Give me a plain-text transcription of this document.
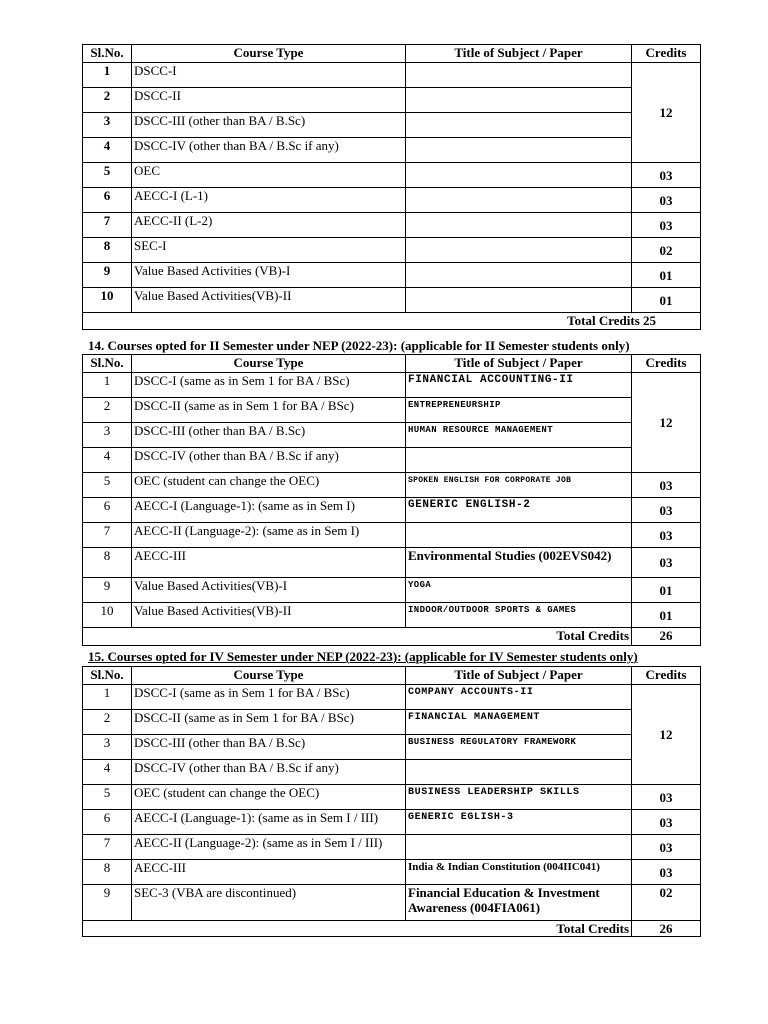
Sl.No.	Course Type	Title of Subject / Paper	Credits
1	DSCC-I		12
2	DSCC-II		
3	DSCC-III (other than BA / B.Sc)		
4	DSCC-IV (other than BA / B.Sc if any)		
5	OEC		03
6	AECC-I (L-1)		03
7	AECC-II (L-2)		03
8	SEC-I		02
9	Value Based Activities (VB)-I		01
10	Value Based Activities(VB)-II		01
Total Credits 25			
14. Courses opted for II Semester under NEP (2022-23): (applicable for II Semester students only)
Sl.No.	Course Type	Title of Subject / Paper	Credits
1	DSCC-I (same as in Sem 1 for BA / BSc)	FINANCIAL ACCOUNTING-II	12
2	DSCC-II (same as in Sem 1 for BA / BSc)	ENTREPRENEURSHIP	
3	DSCC-III (other than BA / B.Sc)	HUMAN RESOURCE MANAGEMENT	
4	DSCC-IV (other than BA / B.Sc if any)		
5	OEC (student can change the OEC)	SPOKEN ENGLISH FOR CORPORATE JOB	03
6	AECC-I (Language-1): (same as in Sem I)	GENERIC ENGLISH-2	03
7	AECC-II (Language-2): (same as in Sem I)		03
8	AECC-III	Environmental Studies (002EVS042)	03
9	Value Based Activities(VB)-I	YOGA	01
10	Value Based Activities(VB)-II	INDOOR/OUTDOOR SPORTS & GAMES	01
Total Credits			26
15. Courses opted for IV Semester under NEP (2022-23): (applicable for IV Semester students only)
Sl.No.	Course Type	Title of Subject / Paper	Credits
1	DSCC-I (same as in Sem 1 for BA / BSc)	COMPANY ACCOUNTS-II	12
2	DSCC-II (same as in Sem 1 for BA / BSc)	FINANCIAL MANAGEMENT	
3	DSCC-III (other than BA / B.Sc)	BUSINESS REGULATORY FRAMEWORK	
4	DSCC-IV (other than BA / B.Sc if any)		
5	OEC (student can change the OEC)	BUSINESS LEADERSHIP SKILLS	03
6	AECC-I (Language-1): (same as in Sem I / III)	GENERIC EGLISH-3	03
7	AECC-II (Language-2): (same as in Sem I / III)		03
8	AECC-III	India & Indian Constitution (004IIC041)	03
9	SEC-3 (VBA are discontinued)	Financial Education & Investment Awareness (004FIA061)	02
Total Credits			26
